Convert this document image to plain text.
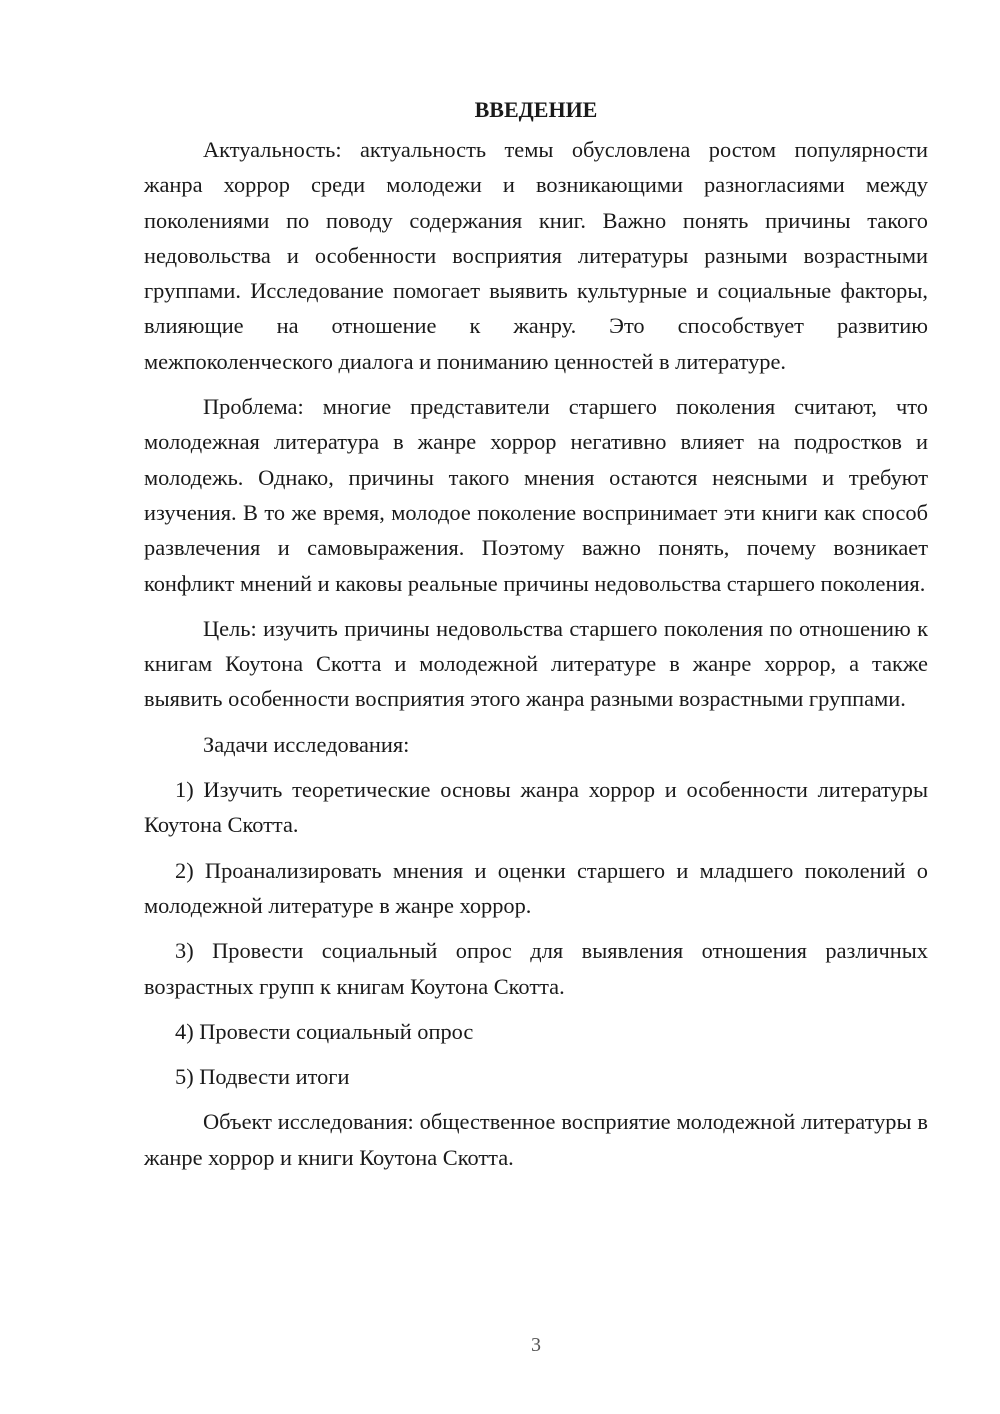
ВВЕДЕНИЕ

Актуальность: актуальность темы обусловлена ростом популярности жанра хоррор среди молодежи и возникающими разногласиями между поколениями по поводу содержания книг. Важно понять причины такого недовольства и особенности восприятия литературы разными возрастными группами. Исследование помогает выявить культурные и социальные факторы, влияющие на отношение к жанру. Это способствует развитию межпоколенческого диалога и пониманию ценностей в литературе.

Проблема: многие представители старшего поколения считают, что молодежная литература в жанре хоррор негативно влияет на подростков и молодежь. Однако, причины такого мнения остаются неясными и требуют изучения. В то же время, молодое поколение воспринимает эти книги как способ развлечения и самовыражения. Поэтому важно понять, почему возникает конфликт мнений и каковы реальные причины недовольства старшего поколения.

Цель: изучить причины недовольства старшего поколения по отношению к книгам Коутона Скотта и молодежной литературе в жанре хоррор, а также выявить особенности восприятия этого жанра разными возрастными группами.

Задачи исследования:

1) Изучить теоретические основы жанра хоррор и особенности литературы Коутона Скотта.

2) Проанализировать мнения и оценки старшего и младшего поколений о молодежной литературе в жанре хоррор.

3) Провести социальный опрос для выявления отношения различных возрастных групп к книгам Коутона Скотта.

4) Провести социальный опрос

5) Подвести итоги

Объект исследования: общественное восприятие молодежной литературы в жанре хоррор и книги Коутона Скотта.

3
